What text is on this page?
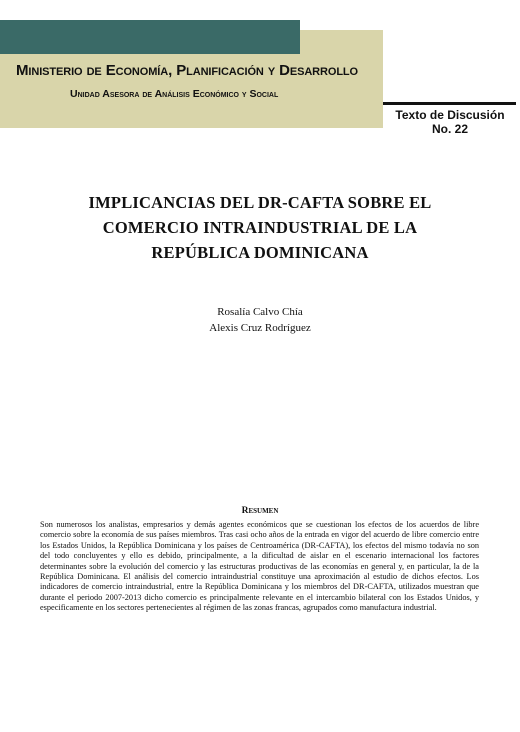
Ministerio de Economía, Planificación y Desarrollo
Unidad Asesora de Análisis Económico y Social
Texto de Discusión
No. 22
IMPLICANCIAS DEL DR-CAFTA SOBRE EL
COMERCIO INTRAINDUSTRIAL DE LA
REPÚBLICA DOMINICANA
Rosalía Calvo Chía
Alexis Cruz Rodríguez
Resumen
Son numerosos los analistas, empresarios y demás agentes económicos que se cuestionan los efectos de los acuerdos de libre comercio sobre la economía de sus países miembros. Tras casi ocho años de la entrada en vigor del acuerdo de libre comercio entre los Estados Unidos, la República Dominicana y los países de Centroamérica (DR-CAFTA), los efectos del mismo todavía no son del todo concluyentes y ello es debido, principalmente, a la dificultad de aislar en el escenario internacional los factores determinantes sobre la evolución del comercio y las estructuras productivas de las economías en general y, en particular, la de la República Dominicana. El análisis del comercio intraindustrial constituye una aproximación al estudio de dichos efectos. Los indicadores de comercio intraindustrial, entre la República Dominicana y los miembros del DR-CAFTA, utilizados muestran que durante el periodo 2007-2013 dicho comercio es principalmente relevante en el intercambio bilateral con los Estados Unidos, y especificamente en los sectores pertenecientes al régimen de las zonas francas, agrupados como manufactura industrial.
